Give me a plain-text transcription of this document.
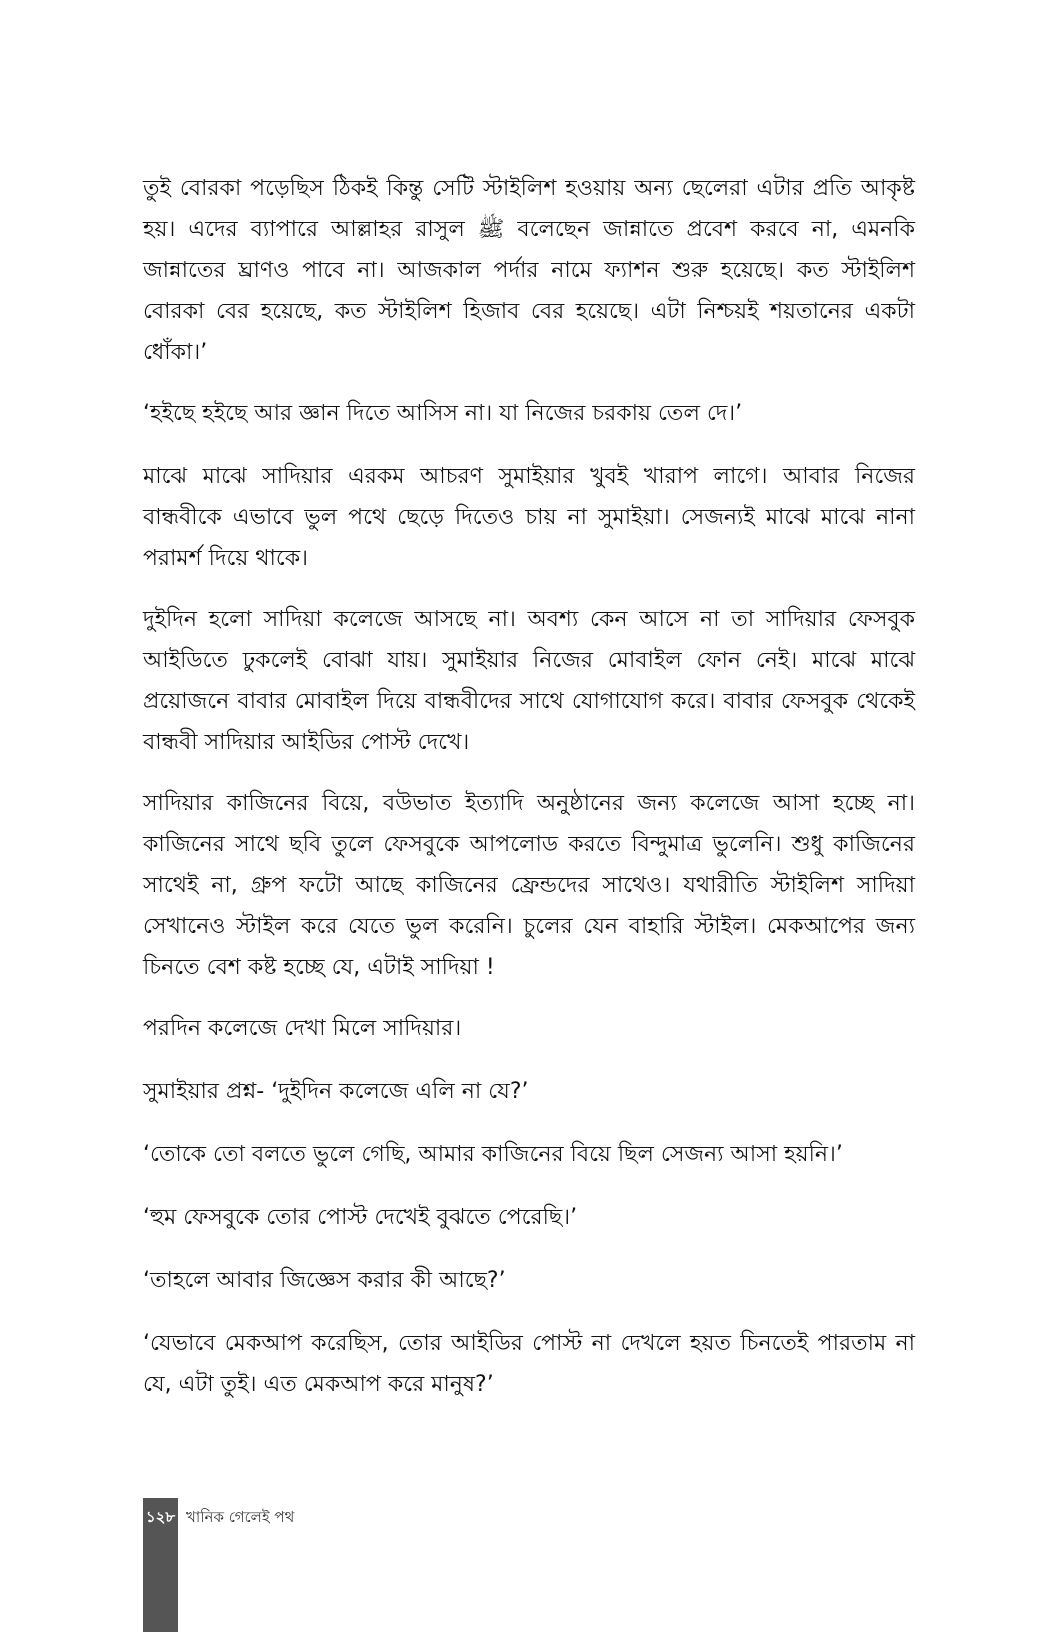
তুই বোরকা পড়েছিস ঠিকই কিন্তু সেটি স্টাইলিশ হওয়ায় অন্য ছেলেরা এটার প্রতি আকৃষ্ট হয়। এদের ব্যাপারে আল্লাহর রাসুল ﷺ বলেছেন জান্নাতে প্রবেশ করবে না, এমনকি জান্নাতের ঘ্রাণও পাবে না। আজকাল পর্দার নামে ফ্যাশন শুরু হয়েছে। কত স্টাইলিশ বোরকা বের হয়েছে, কত স্টাইলিশ হিজাব বের হয়েছে। এটা নিশ্চয়ই শয়তানের একটা ধোঁকা।’

‘হইছে হইছে আর জ্ঞান দিতে আসিস না। যা নিজের চরকায় তেল দে।’

মাঝে মাঝে সাদিয়ার এরকম আচরণ সুমাইয়ার খুবই খারাপ লাগে। আবার নিজের বান্ধবীকে এভাবে ভুল পথে ছেড়ে দিতেও চায় না সুমাইয়া। সেজন্যই মাঝে মাঝে নানা পরামর্শ দিয়ে থাকে।

দুইদিন হলো সাদিয়া কলেজে আসছে না। অবশ্য কেন আসে না তা সাদিয়ার ফেসবুক আইডিতে ঢুকলেই বোঝা যায়। সুমাইয়ার নিজের মোবাইল ফোন নেই। মাঝে মাঝে প্রয়োজনে বাবার মোবাইল দিয়ে বান্ধবীদের সাথে যোগাযোগ করে। বাবার ফেসবুক থেকেই বান্ধবী সাদিয়ার আইডির পোস্ট দেখে।

সাদিয়ার কাজিনের বিয়ে, বউভাত ইত্যাদি অনুষ্ঠানের জন্য কলেজে আসা হচ্ছে না। কাজিনের সাথে ছবি তুলে ফেসবুকে আপলোড করতে বিন্দুমাত্র ভুলেনি। শুধু কাজিনের সাথেই না, গ্রুপ ফটো আছে কাজিনের ফ্রেন্ডদের সাথেও। যথারীতি স্টাইলিশ সাদিয়া সেখানেও স্টাইল করে যেতে ভুল করেনি। চুলের যেন বাহারি স্টাইল। মেকআপের জন্য চিনতে বেশ কষ্ট হচ্ছে যে, এটাই সাদিয়া !

পরদিন কলেজে দেখা মিলে সাদিয়ার।

সুমাইয়ার প্রশ্ন- ‘দুইদিন কলেজে এলি না যে?’

‘তোকে তো বলতে ভুলে গেছি, আমার কাজিনের বিয়ে ছিল সেজন্য আসা হয়নি।’

‘হুম ফেসবুকে তোর পোস্ট দেখেই বুঝতে পেরেছি।’

‘তাহলে আবার জিজ্ঞেস করার কী আছে?’

‘যেভাবে মেকআপ করেছিস, তোর আইডির পোস্ট না দেখলে হয়ত চিনতেই পারতাম না যে, এটা তুই। এত মেকআপ করে মানুষ?’

১২৮ খানিক গেলেই পথ
